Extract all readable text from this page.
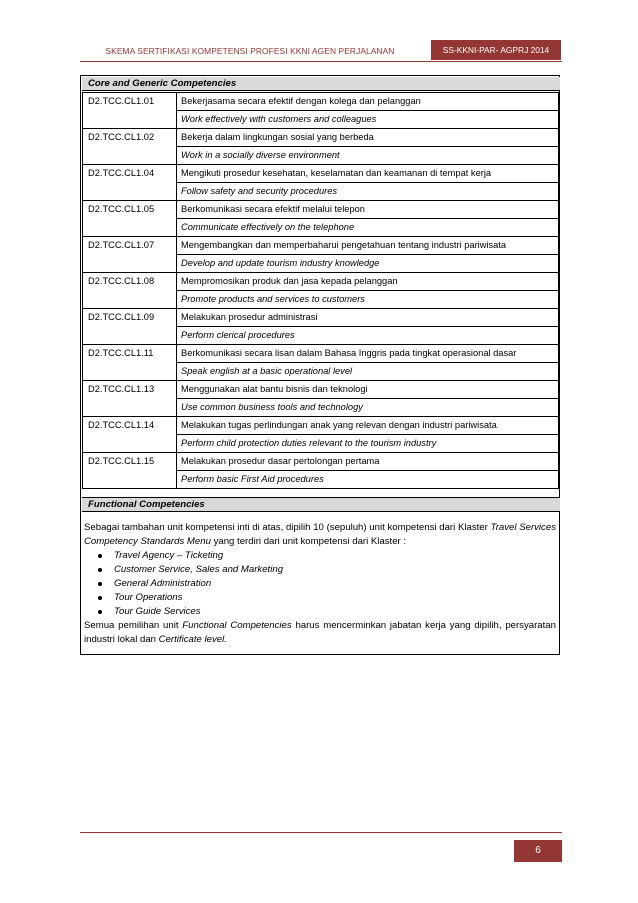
SKEMA SERTIFIKASI KOMPETENSI PROFESI KKNI AGEN PERJALANAN	SS-KKNI-PAR- AGPRJ 2014
Core and Generic Competencies
D2.TCC.CL1.01	Bekerjasama secara efektif dengan kolega dan pelanggan
	Work effectively with customers and colleagues
D2.TCC.CL1.02	Bekerja dalam lingkungan sosial yang berbeda
	Work in a socially diverse environment
D2.TCC.CL1.04	Mengikuti prosedur kesehatan, keselamatan dan keamanan di tempat kerja
	Follow safety and security procedures
D2.TCC.CL1.05	Berkomunikasi secara efektif melalui telepon
	Communicate effectively on the telephone
D2.TCC.CL1.07	Mengembangkan dan memperbaharui pengetahuan tentang industri pariwisata
	Develop and update tourism industry knowledge
D2.TCC.CL1.08	Mempromosikan produk dan jasa kepada pelanggan
	Promote products and services to customers
D2.TCC.CL1.09	Melakukan prosedur administrasi
	Perform clerical procedures
D2.TCC.CL1.11	Berkomunikasi secara lisan dalam Bahasa Inggris pada tingkat operasional dasar
	Speak english at a basic operational level
D2.TCC.CL1.13	Menggunakan alat bantu bisnis dan teknologi
	Use common business tools and technology
D2.TCC.CL1.14	Melakukan tugas perlindungan anak yang relevan dengan industri pariwisata
	Perform child protection duties relevant to the tourism industry
D2.TCC.CL1.15	Melakukan prosedur dasar pertolongan pertama
	Perform basic First Aid procedures
Functional Competencies

Sebagai tambahan unit kompetensi inti di atas, dipilih 10 (sepuluh) unit kompetensi dari Klaster Travel Services Competency Standards Menu yang terdiri dari unit kompetensi dari Klaster :

Travel Agency – Ticketing
Customer Service, Sales and Marketing
General Administration
Tour Operations
Tour Guide Services

Semua pemilihan unit Functional Competencies harus mencerminkan jabatan kerja yang dipilih, persyaratan industri lokal dan Certificate level.

6
